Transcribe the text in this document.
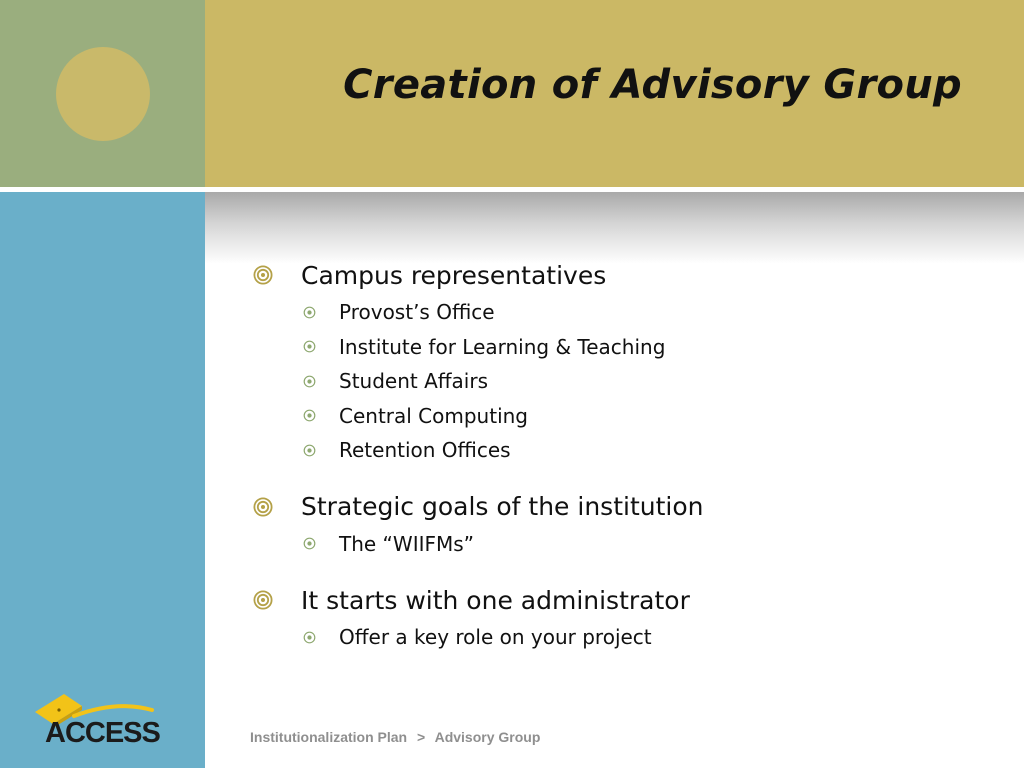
Creation of Advisory Group
Campus representatives
Provost’s Office
Institute for Learning & Teaching
Student Affairs
Central Computing
Retention Offices
Strategic goals of the institution
The “WIIFMs”
It starts with one administrator
Offer a key role on your project
ACCESS	Institutionalization Plan > Advisory Group
